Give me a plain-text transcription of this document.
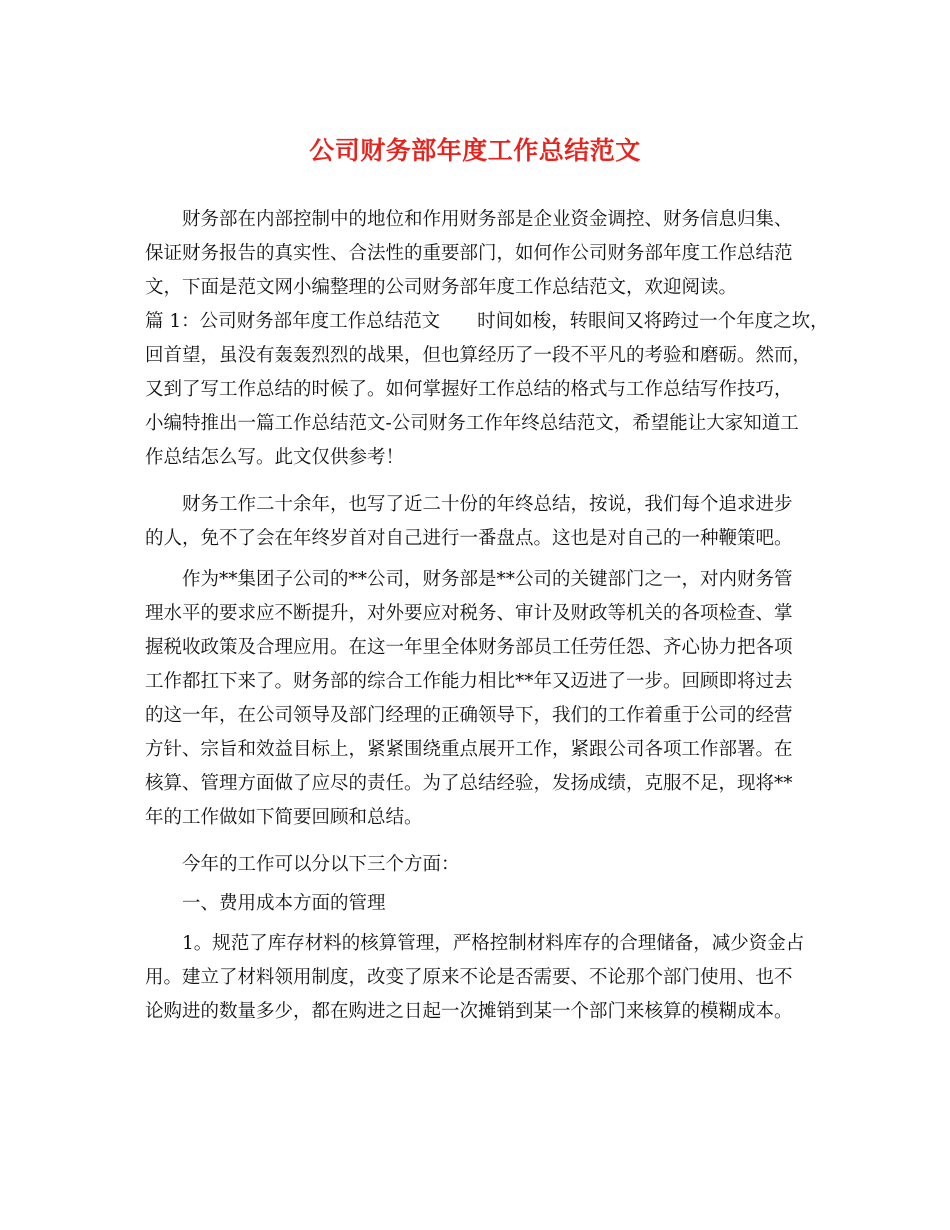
公司财务部年度工作总结范文
　　财务部在内部控制中的地位和作用财务部是企业资金调控、财务信息归集、
保证财务报告的真实性、合法性的重要部门，如何作公司财务部年度工作总结范
文，下面是范文网小编整理的公司财务部年度工作总结范文，欢迎阅读。
篇 1：公司财务部年度工作总结范文　　时间如梭，转眼间又将跨过一个年度之坎，
回首望，虽没有轰轰烈烈的战果，但也算经历了一段不平凡的考验和磨砺。然而，
又到了写工作总结的时候了。如何掌握好工作总结的格式与工作总结写作技巧，
小编特推出一篇工作总结范文-公司财务工作年终总结范文，希望能让大家知道工
作总结怎么写。此文仅供参考！
　　财务工作二十余年，也写了近二十份的年终总结，按说，我们每个追求进步
的人，免不了会在年终岁首对自己进行一番盘点。这也是对自己的一种鞭策吧。
　　作为**集团子公司的**公司，财务部是**公司的关键部门之一，对内财务管
理水平的要求应不断提升，对外要应对税务、审计及财政等机关的各项检查、掌
握税收政策及合理应用。在这一年里全体财务部员工任劳任怨、齐心协力把各项
工作都扛下来了。财务部的综合工作能力相比**年又迈进了一步。回顾即将过去
的这一年，在公司领导及部门经理的正确领导下，我们的工作着重于公司的经营
方针、宗旨和效益目标上，紧紧围绕重点展开工作，紧跟公司各项工作部署。在
核算、管理方面做了应尽的责任。为了总结经验，发扬成绩，克服不足，现将**
年的工作做如下简要回顾和总结。
　　今年的工作可以分以下三个方面：
　　一、费用成本方面的管理
　　1。规范了库存材料的核算管理，严格控制材料库存的合理储备，减少资金占
用。建立了材料领用制度，改变了原来不论是否需要、不论那个部门使用、也不
论购进的数量多少，都在购进之日起一次摊销到某一个部门来核算的模糊成本。
